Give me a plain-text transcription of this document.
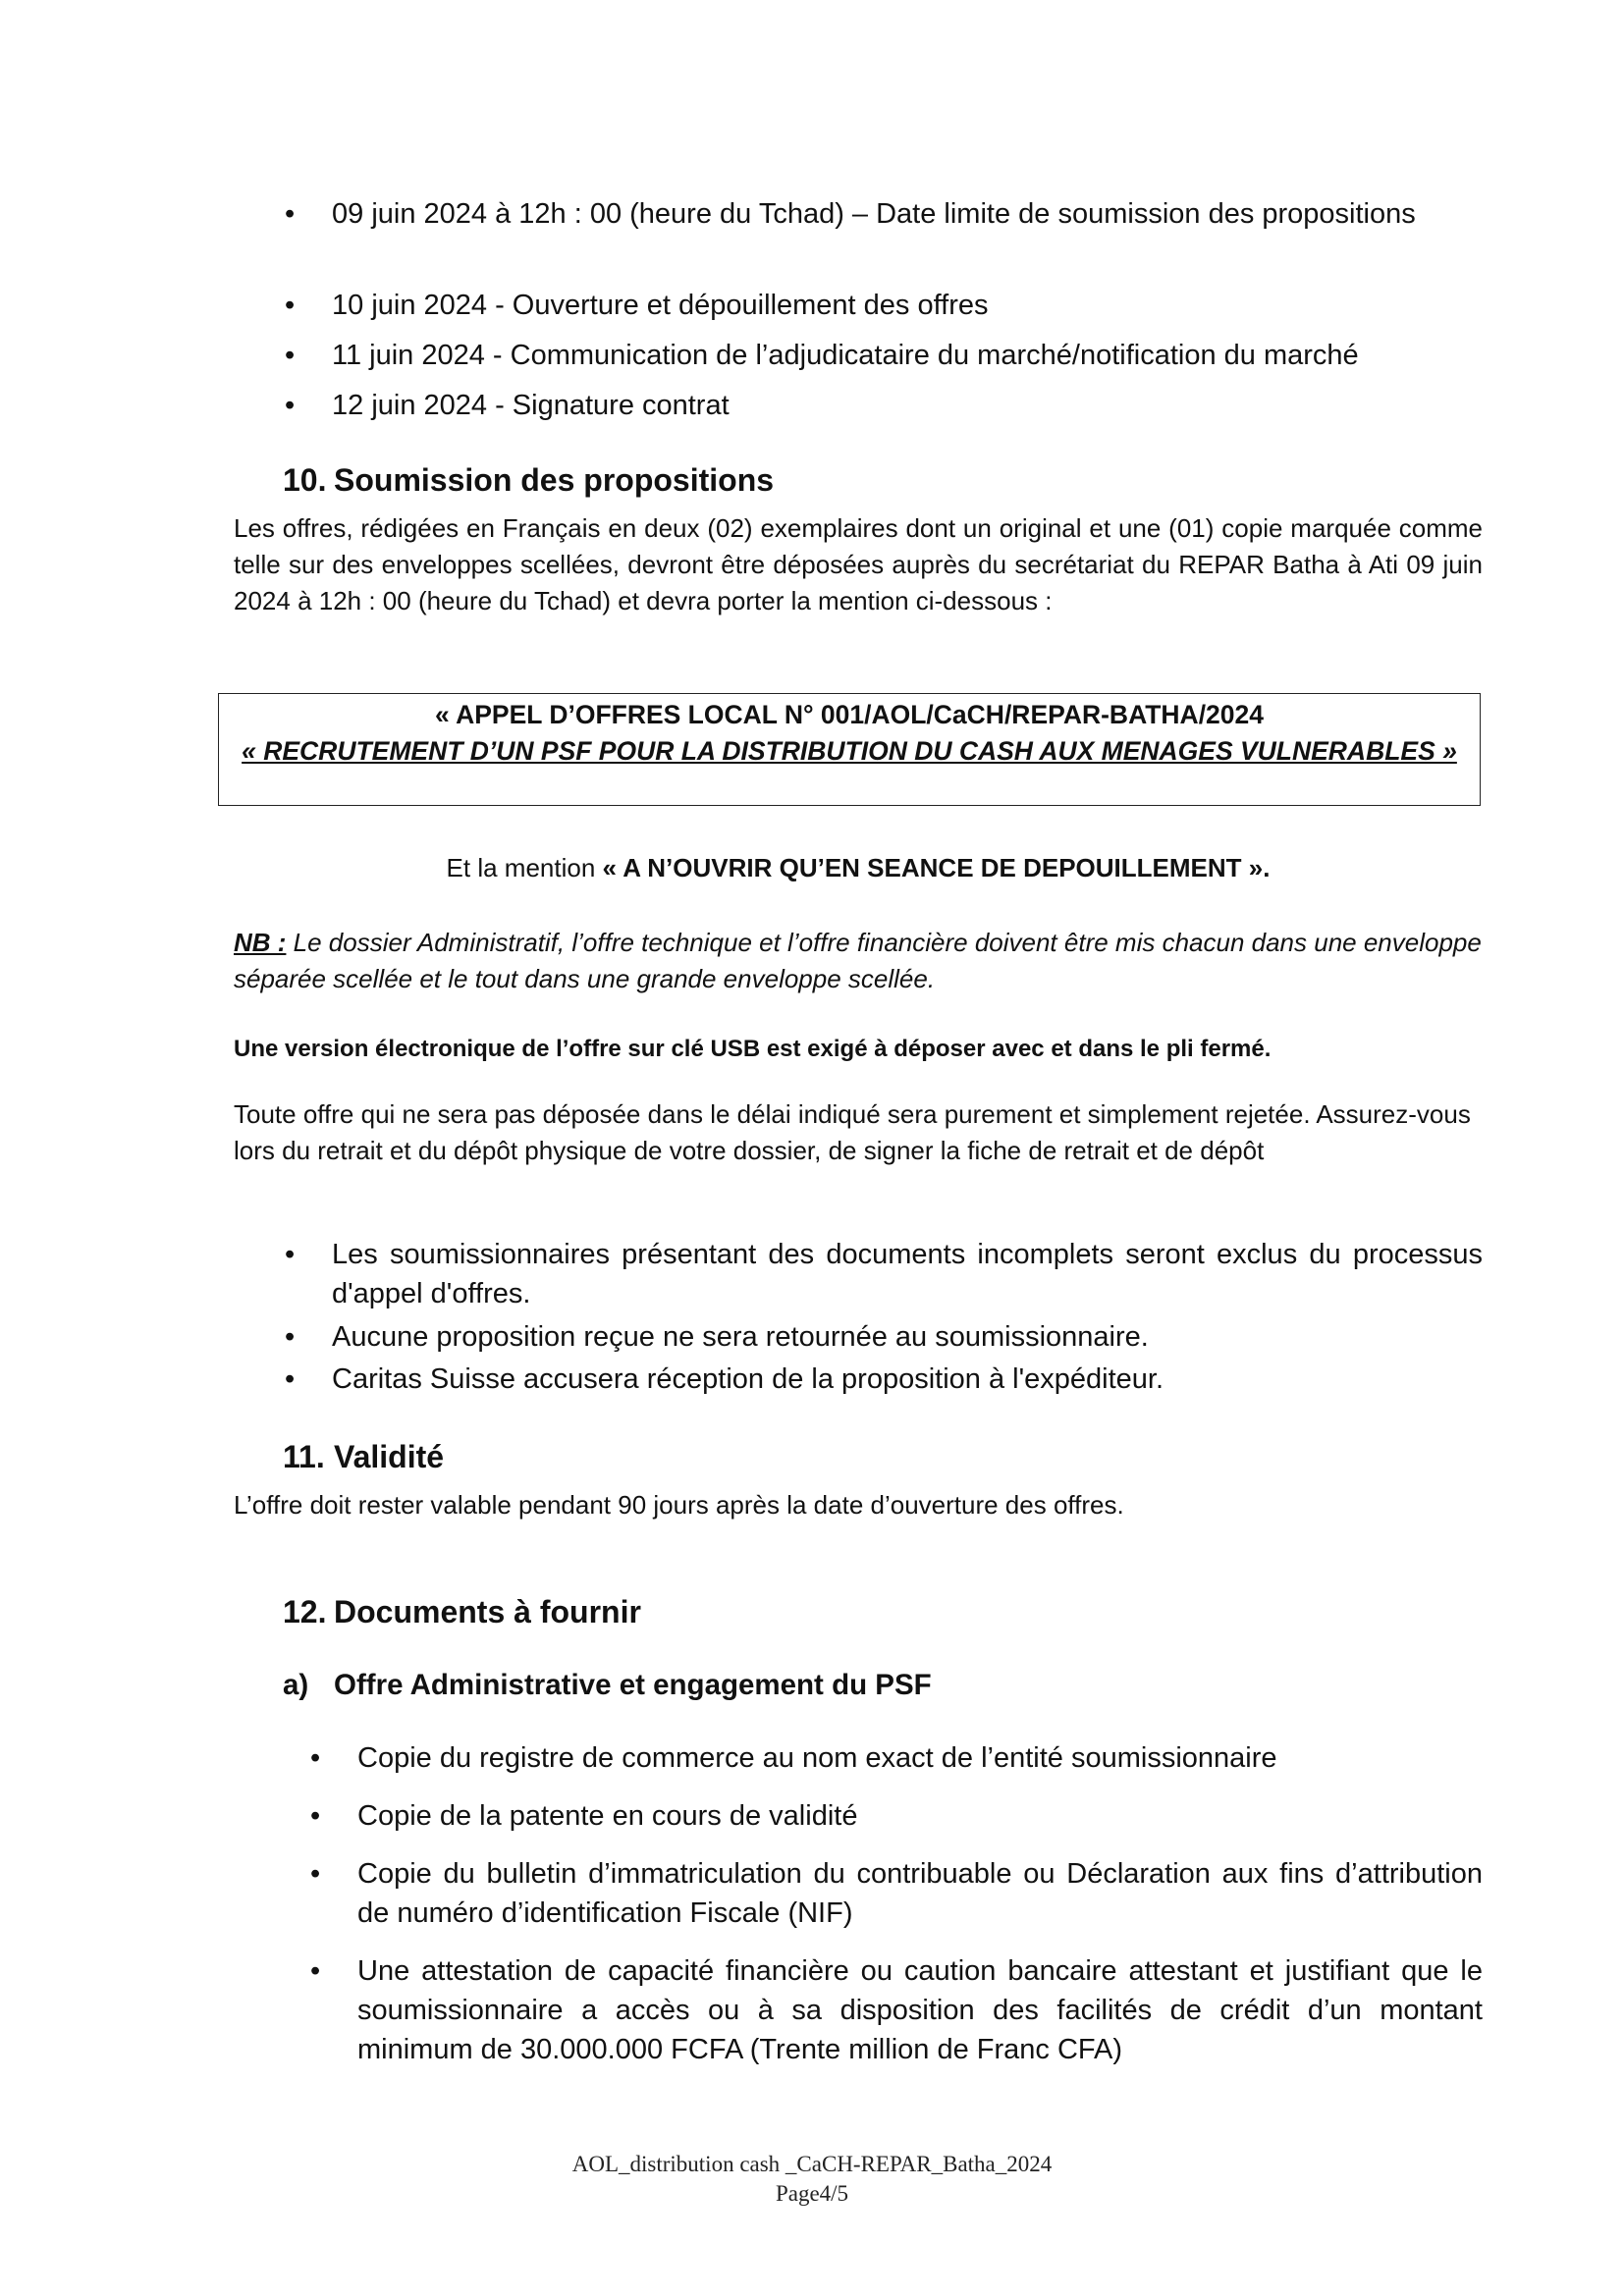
•	09 juin 2024 à 12h : 00 (heure du Tchad) – Date limite de soumission des propositions
•	10 juin 2024 - Ouverture et dépouillement des offres
•	11 juin 2024 - Communication de l’adjudicataire du marché/notification du marché
•	12 juin 2024 - Signature contrat
10. Soumission des propositions
Les offres, rédigées en Français en deux (02) exemplaires dont un original et une (01) copie marquée comme telle sur des enveloppes scellées, devront être déposées auprès du secrétariat du REPAR Batha à Ati 09 juin 2024 à 12h : 00 (heure du Tchad) et devra porter la mention ci-dessous :
« APPEL D’OFFRES LOCAL N° 001/AOL/CaCH/REPAR-BATHA/2024
« RECRUTEMENT D’UN PSF POUR LA DISTRIBUTION DU CASH AUX MENAGES VULNERABLES »
Et la mention « A N’OUVRIR QU’EN SEANCE DE DEPOUILLEMENT ».
NB : Le dossier Administratif, l’offre technique et l’offre financière doivent être mis chacun dans une enveloppe séparée scellée et le tout dans une grande enveloppe scellée.
Une version électronique de l’offre sur clé USB est exigé à déposer avec et dans le pli fermé.
Toute offre qui ne sera pas déposée dans le délai indiqué sera purement et simplement rejetée. Assurez-vous lors du retrait et du dépôt physique de votre dossier, de signer la fiche de retrait et de dépôt
•	Les soumissionnaires présentant des documents incomplets seront exclus du processus d'appel d'offres.
•	Aucune proposition reçue ne sera retournée au soumissionnaire.
•	Caritas Suisse accusera réception de la proposition à l'expéditeur.
11. Validité
L’offre doit rester valable pendant 90 jours après la date d’ouverture des offres.
12. Documents à fournir
a) Offre Administrative et engagement du PSF
•	Copie du registre de commerce au nom exact de l’entité soumissionnaire
•	Copie de la patente en cours de validité
•	Copie du bulletin d’immatriculation du contribuable ou Déclaration aux fins d’attribution de numéro d’identification Fiscale (NIF)
•	Une attestation de capacité financière ou caution bancaire attestant et justifiant que le soumissionnaire a accès ou à sa disposition des facilités de crédit d’un montant minimum de 30.000.000 FCFA (Trente million de Franc CFA)
AOL_distribution cash _CaCH-REPAR_Batha_2024
Page4/5
